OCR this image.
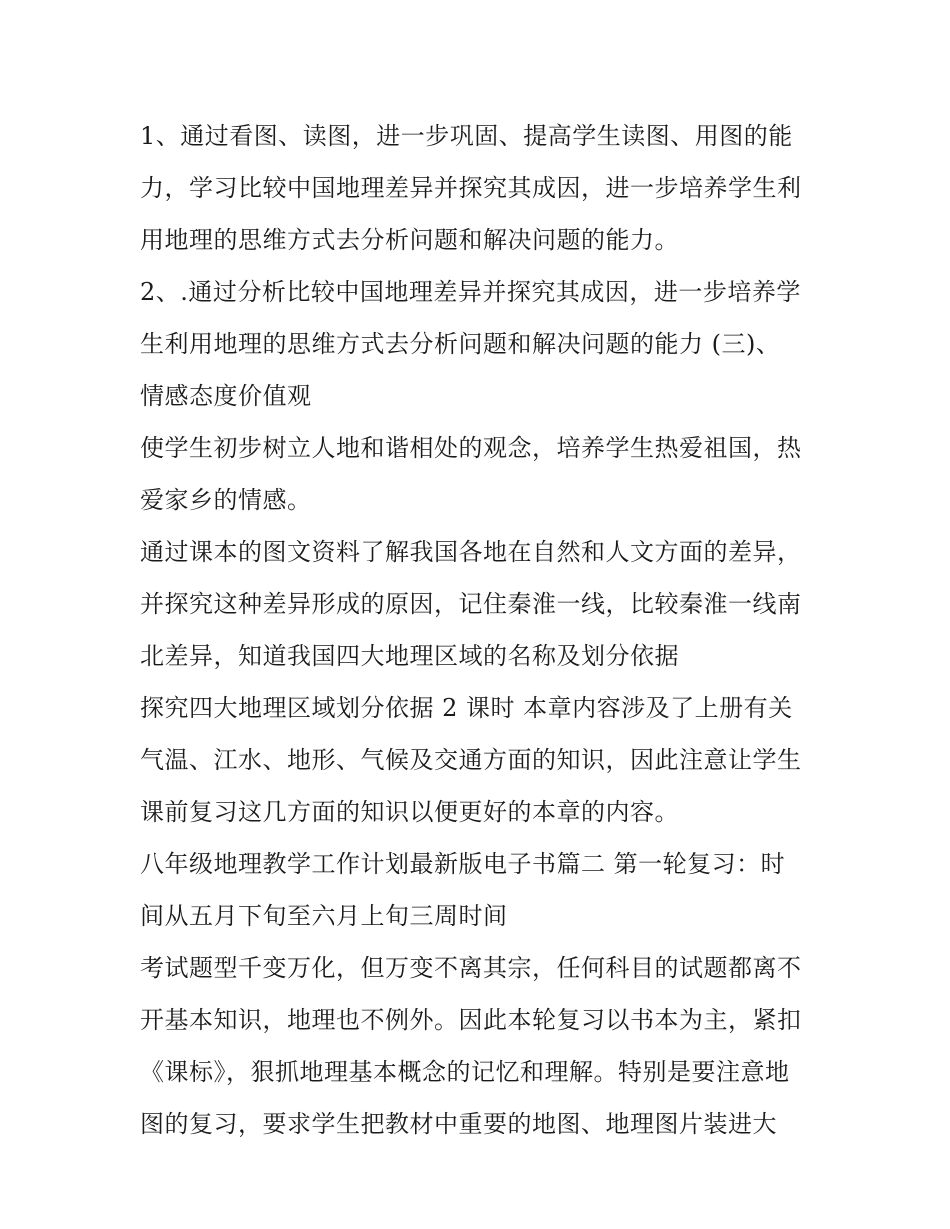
1、通过看图、读图，进一步巩固、提高学生读图、用图的能
力，学习比较中国地理差异并探究其成因，进一步培养学生利
用地理的思维方式去分析问题和解决问题的能力。

2、.通过分析比较中国地理差异并探究其成因，进一步培养学
生利用地理的思维方式去分析问题和解决问题的能力 (三)、
情感态度价值观

使学生初步树立人地和谐相处的观念，培养学生热爱祖国，热
爱家乡的情感。

通过课本的图文资料了解我国各地在自然和人文方面的差异，
并探究这种差异形成的原因，记住秦淮一线，比较秦淮一线南
北差异，知道我国四大地理区域的名称及划分依据

探究四大地理区域划分依据 2 课时 本章内容涉及了上册有关
气温、江水、地形、气候及交通方面的知识，因此注意让学生
课前复习这几方面的知识以便更好的本章的内容。

八年级地理教学工作计划最新版电子书篇二 第一轮复习：时
间从五月下旬至六月上旬三周时间

考试题型千变万化，但万变不离其宗，任何科目的试题都离不
开基本知识，地理也不例外。因此本轮复习以书本为主，紧扣
《课标》，狠抓地理基本概念的记忆和理解。特别是要注意地
图的复习，要求学生把教材中重要的地图、地理图片装进大
